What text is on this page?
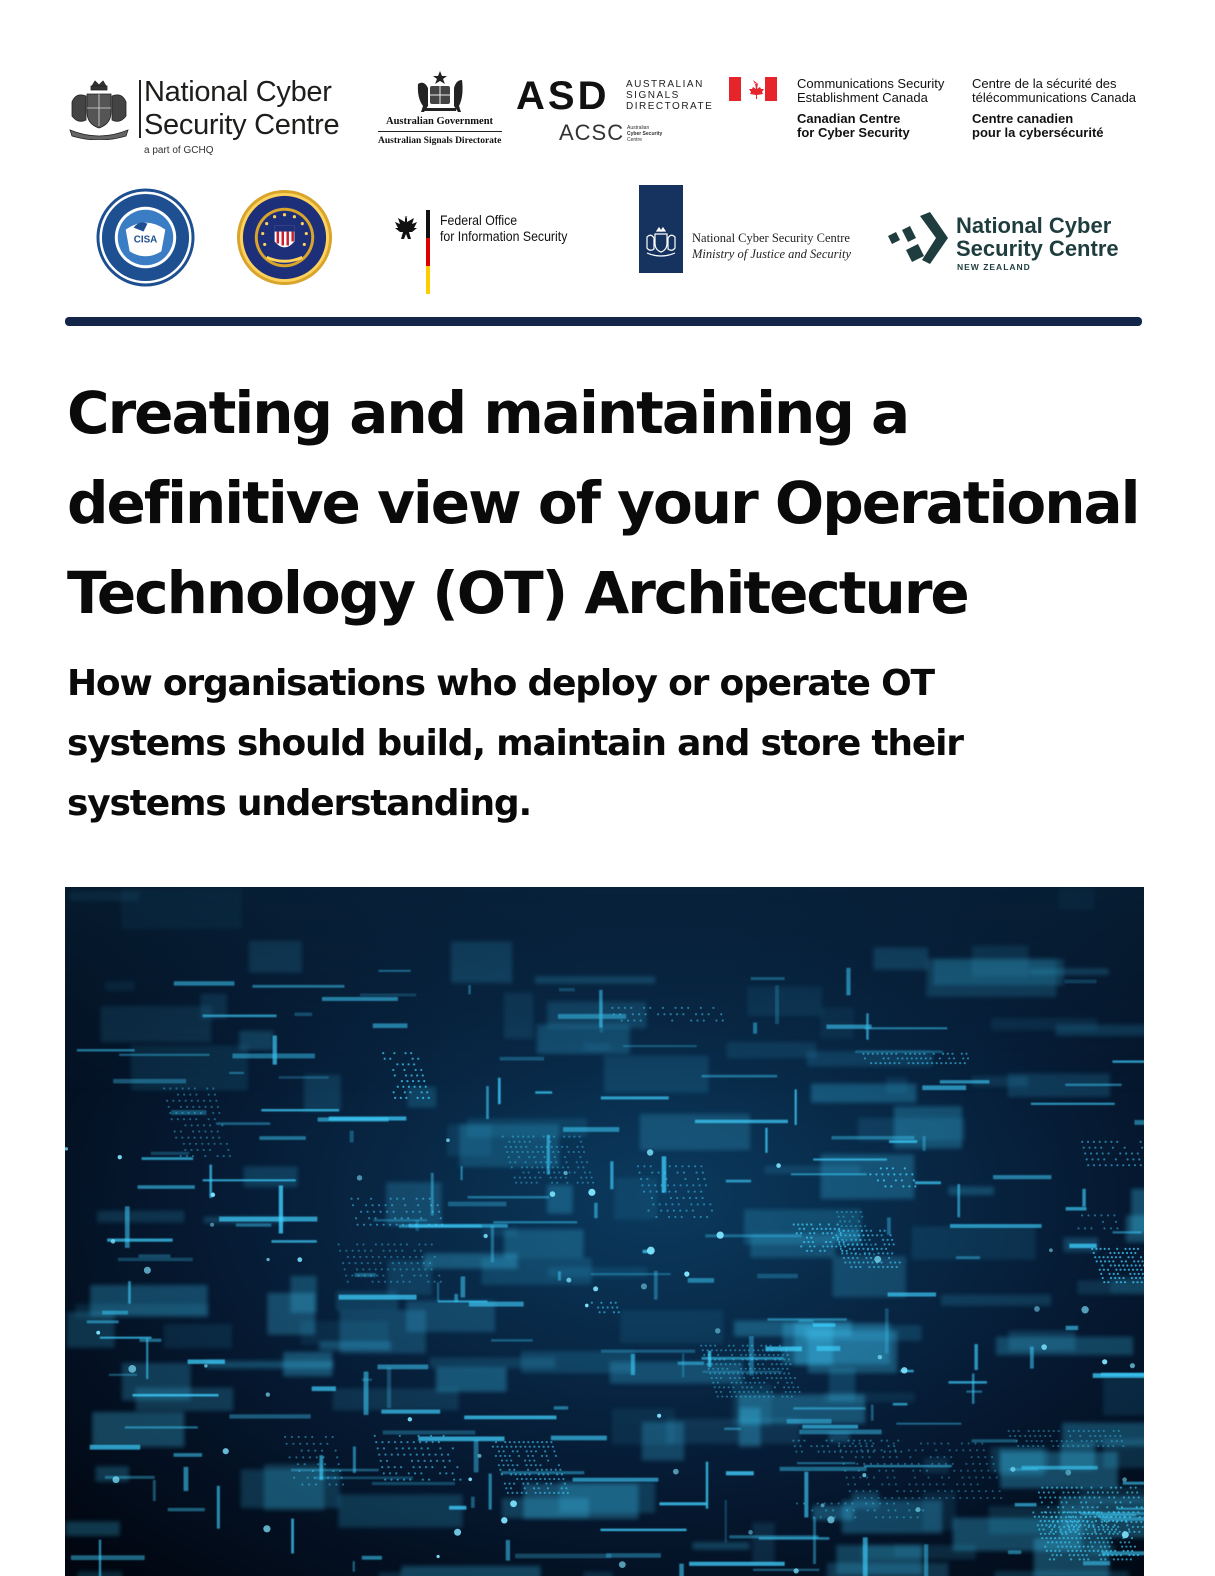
National Cyber
Security Centre
a part of GCHQ
Australian Government
Australian Signals Directorate
ASD AUSTRALIAN
SIGNALS
DIRECTORATE
ACSC Australian
Cyber Security
Centre
Communications Security
Establishment Canada
Canadian Centre
for Cyber Security
Centre de la sécurité des
télécommunications Canada
Centre canadien
pour la cybersécurité
CISA
Federal Office
for Information Security	National Cyber Security Centre
Ministry of Justice and Security
National Cyber
Security Centre
NEW ZEALAND
Creating and maintaining a
definitive view of your Operational
Technology (OT) Architecture
How organisations who deploy or operate OT
systems should build, maintain and store their
systems understanding.
